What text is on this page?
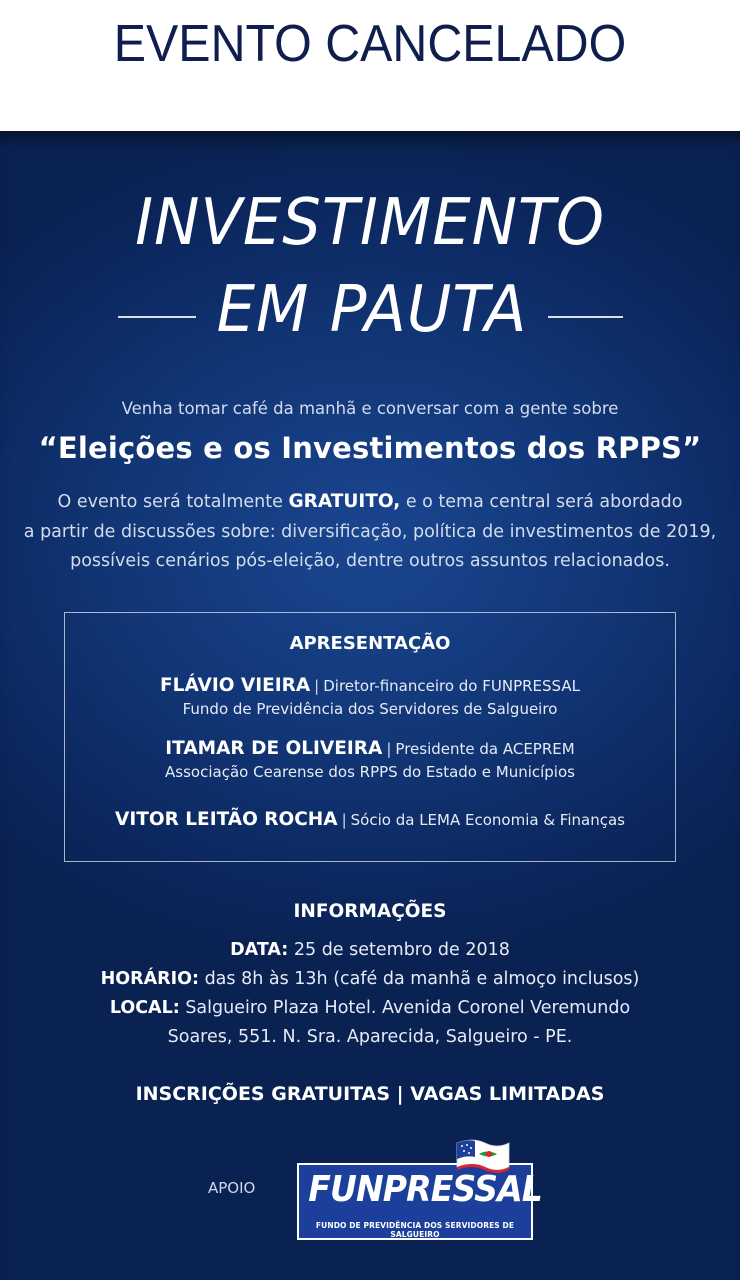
EVENTO CANCELADO
INVESTIMENTO
EM PAUTA
Venha tomar café da manhã e conversar com a gente sobre
“Eleições e os Investimentos dos RPPS”
O evento será totalmente GRATUITO, e o tema central será abordado
a partir de discussões sobre: diversificação, política de investimentos de 2019,
possíveis cenários pós-eleição, dentre outros assuntos relacionados.
APRESENTAÇÃO
FLÁVIO VIEIRA | Diretor-financeiro do FUNPRESSAL
Fundo de Previdência dos Servidores de Salgueiro
ITAMAR DE OLIVEIRA | Presidente da ACEPREM
Associação Cearense dos RPPS do Estado e Municípios
VITOR LEITÃO ROCHA | Sócio da LEMA Economia & Finanças
INFORMAÇÕES
DATA: 25 de setembro de 2018
HORÁRIO: das 8h às 13h (café da manhã e almoço inclusos)
LOCAL: Salgueiro Plaza Hotel. Avenida Coronel Veremundo
Soares, 551. N. Sra. Aparecida, Salgueiro - PE.
INSCRIÇÕES GRATUITAS | VAGAS LIMITADAS
APOIO FUNPRESSAL
FUNDO DE PREVIDÊNCIA DOS SERVIDORES DE SALGUEIRO
